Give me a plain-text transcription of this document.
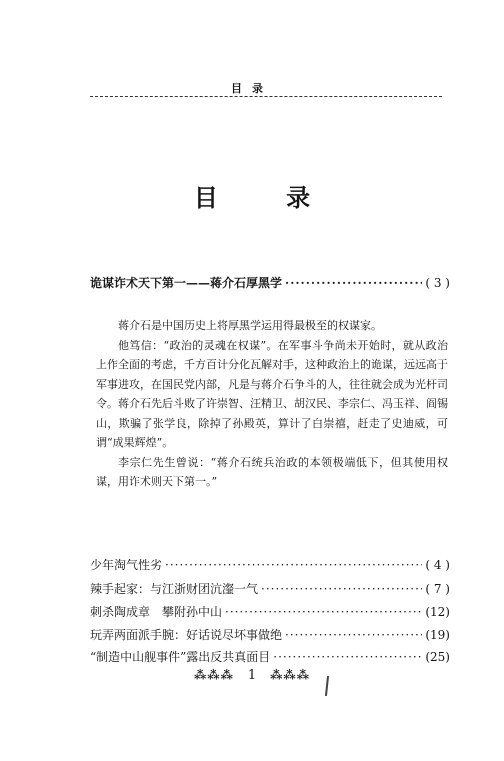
目录
目 录
诡谋诈术天下第一——蒋介石厚黑学 ·····	( 3 )

蒋介石是中国历史上将厚黑学运用得最极至的权谋家。

他笃信：“政治的灵魂在权谋”。在军事斗争尚未开始时，就从政治上作全面的考虑，千方百计分化瓦解对手，这种政治上的诡谋，远远高于军事进攻，在国民党内部，凡是与蒋介石争斗的人，往往就会成为光杆司令。蒋介石先后斗败了许崇智、汪精卫、胡汉民、李宗仁、冯玉祥、阎锡山，欺骗了张学良，除掉了孙殿英，算计了白崇禧，赶走了史迪威，可谓“成果辉煌”。

李宗仁先生曾说：“蒋介石统兵治政的本领极端低下，但其使用权谋，用诈术则天下第一。”

少年淘气性劣 ·····	( 4 )
辣手起家：与江浙财团沆瀣一气 ·····	( 7 )
刺杀陶成章　攀附孙中山 ·····	(12)
玩弄两面派手腕：好话说尽坏事做绝 ·····	(19)
“制造中山舰事件”露出反共真面目 ·····	(25)
⁂⁂⁂ 1 ⁂⁂⁂
